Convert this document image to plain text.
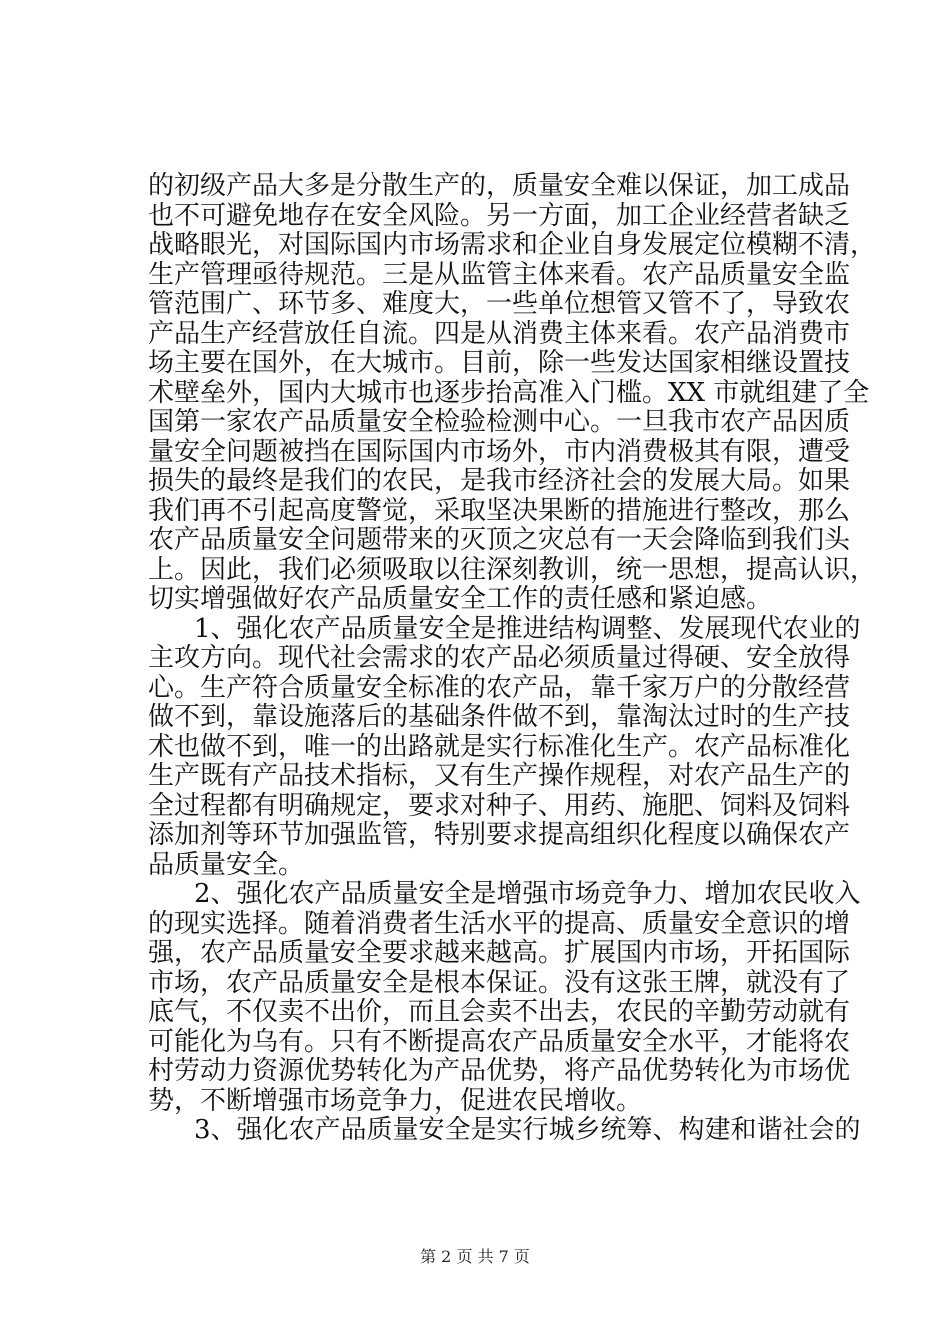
的初级产品大多是分散生产的，质量安全难以保证，加工成品
也不可避免地存在安全风险。另一方面，加工企业经营者缺乏
战略眼光，对国际国内市场需求和企业自身发展定位模糊不清，
生产管理亟待规范。三是从监管主体来看。农产品质量安全监
管范围广、环节多、难度大，一些单位想管又管不了，导致农
产品生产经营放任自流。四是从消费主体来看。农产品消费市
场主要在国外，在大城市。目前，除一些发达国家相继设置技
术壁垒外，国内大城市也逐步抬高准入门槛。XX 市就组建了全
国第一家农产品质量安全检验检测中心。一旦我市农产品因质
量安全问题被挡在国际国内市场外，市内消费极其有限，遭受
损失的最终是我们的农民，是我市经济社会的发展大局。如果
我们再不引起高度警觉，采取坚决果断的措施进行整改，那么
农产品质量安全问题带来的灭顶之灾总有一天会降临到我们头
上。因此，我们必须吸取以往深刻教训，统一思想，提高认识，
切实增强做好农产品质量安全工作的责任感和紧迫感。
1、强化农产品质量安全是推进结构调整、发展现代农业的
主攻方向。现代社会需求的农产品必须质量过得硬、安全放得
心。生产符合质量安全标准的农产品，靠千家万户的分散经营
做不到，靠设施落后的基础条件做不到，靠淘汰过时的生产技
术也做不到，唯一的出路就是实行标准化生产。农产品标准化
生产既有产品技术指标，又有生产操作规程，对农产品生产的
全过程都有明确规定，要求对种子、用药、施肥、饲料及饲料
添加剂等环节加强监管，特别要求提高组织化程度以确保农产
品质量安全。
2、强化农产品质量安全是增强市场竞争力、增加农民收入
的现实选择。随着消费者生活水平的提高、质量安全意识的增
强，农产品质量安全要求越来越高。扩展国内市场，开拓国际
市场，农产品质量安全是根本保证。没有这张王牌，就没有了
底气，不仅卖不出价，而且会卖不出去，农民的辛勤劳动就有
可能化为乌有。只有不断提高农产品质量安全水平，才能将农
村劳动力资源优势转化为产品优势，将产品优势转化为市场优
势，不断增强市场竞争力，促进农民增收。
3、强化农产品质量安全是实行城乡统筹、构建和谐社会的
第 2 页 共 7 页
